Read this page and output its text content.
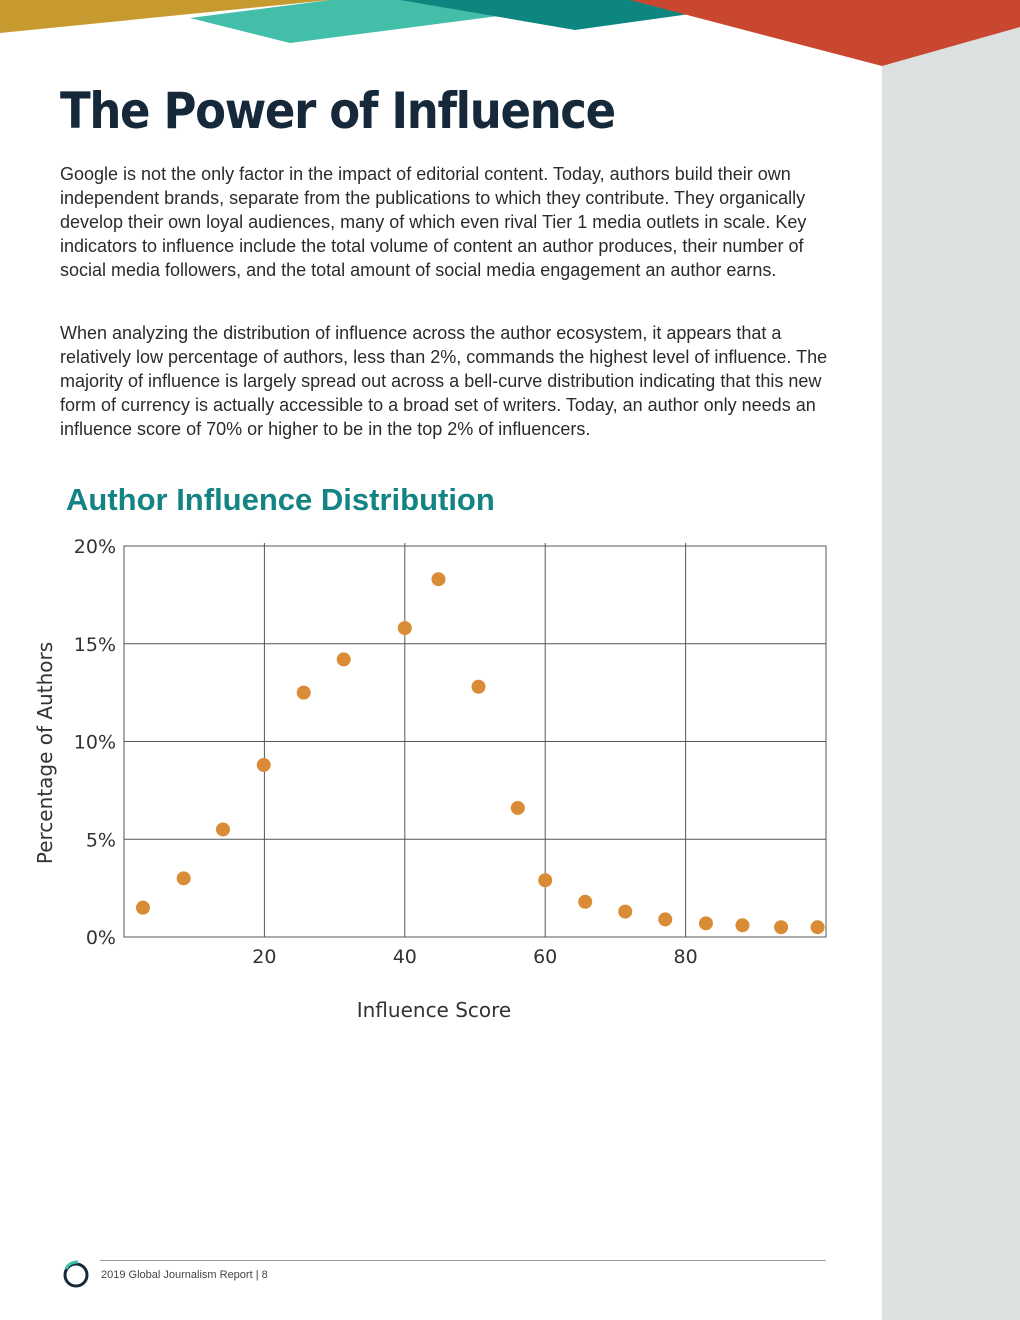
The Power of Influence

Google is not the only factor in the impact of editorial content. Today, authors build their own independent brands, separate from the publications to which they contribute. They organically develop their own loyal audiences, many of which even rival Tier 1 media outlets in scale. Key indicators to influence include the total volume of content an author produces, their number of social media followers, and the total amount of social media engagement an author earns.

When analyzing the distribution of influence across the author ecosystem, it appears that a relatively low percentage of authors, less than 2%, commands the highest level of influence. The majority of influence is largely spread out across a bell-curve distribution indicating that this new form of currency is actually accessible to a broad set of writers. Today, an author only needs an influence score of 70% or higher to be in the top 2% of influencers.

Author Influence Distribution
0%
5%
10%
15%
20%
20	40	60	80
Influence Score
Percentage of Authors
2019 Global Journalism Report | 8
